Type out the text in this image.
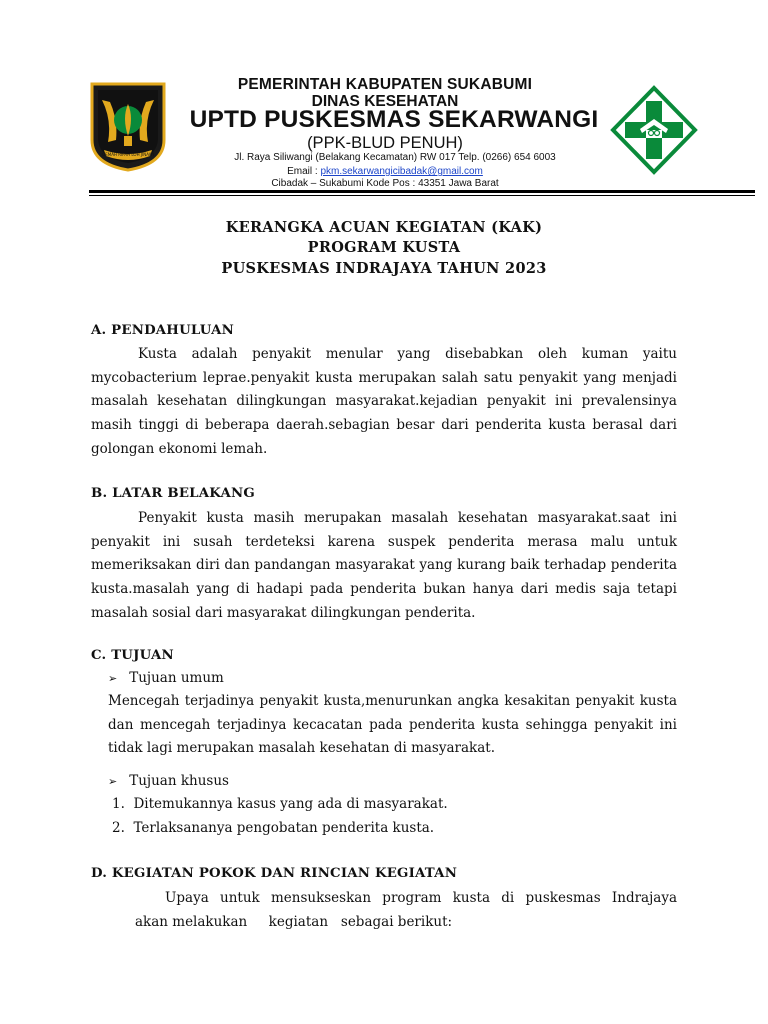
GEMAH RIPAH LOH JINAWI
PEMERINTAH KABUPATEN SUKABUMI
DINAS KESEHATAN
UPTD PUSKESMAS SEKARWANGI
(PPK-BLUD PENUH)
Jl. Raya Siliwangi (Belakang Kecamatan) RW 017 Telp. (0266) 654 6003
Email : pkm.sekarwangicibadak@gmail.com
Cibadak – Sukabumi Kode Pos : 43351 Jawa Barat
KERANGKA ACUAN KEGIATAN (KAK)
PROGRAM KUSTA
PUSKESMAS INDRAJAYA TAHUN 2023
A. PENDAHULUAN

Kusta adalah penyakit menular yang disebabkan oleh kuman yaitu mycobacterium leprae.penyakit kusta merupakan salah satu penyakit yang menjadi masalah kesehatan dilingkungan masyarakat.kejadian penyakit ini prevalensinya masih tinggi di beberapa daerah.sebagian besar dari penderita kusta berasal dari golongan ekonomi lemah.

B. LATAR BELAKANG

Penyakit kusta masih merupakan masalah kesehatan masyarakat.saat ini penyakit ini susah terdeteksi karena suspek penderita merasa malu untuk memeriksakan diri dan pandangan masyarakat yang kurang baik terhadap penderita kusta.masalah yang di hadapi pada penderita bukan hanya dari medis saja tetapi masalah sosial dari masyarakat dilingkungan penderita.

C. TUJUAN
➢ Tujuan umum

Mencegah terjadinya penyakit kusta,menurunkan angka kesakitan penyakit kusta dan mencegah terjadinya kecacatan pada penderita kusta sehingga penyakit ini tidak lagi merupakan masalah kesehatan di masyarakat.

➢ Tujuan khusus
1.  Ditemukannya kasus yang ada di masyarakat.
2.  Terlaksananya pengobatan penderita kusta.
D. KEGIATAN POKOK DAN RINCIAN KEGIATAN

Upaya untuk mensukseskan program kusta di puskesmas Indrajaya

akan melakukan     kegiatan   sebagai berikut:
